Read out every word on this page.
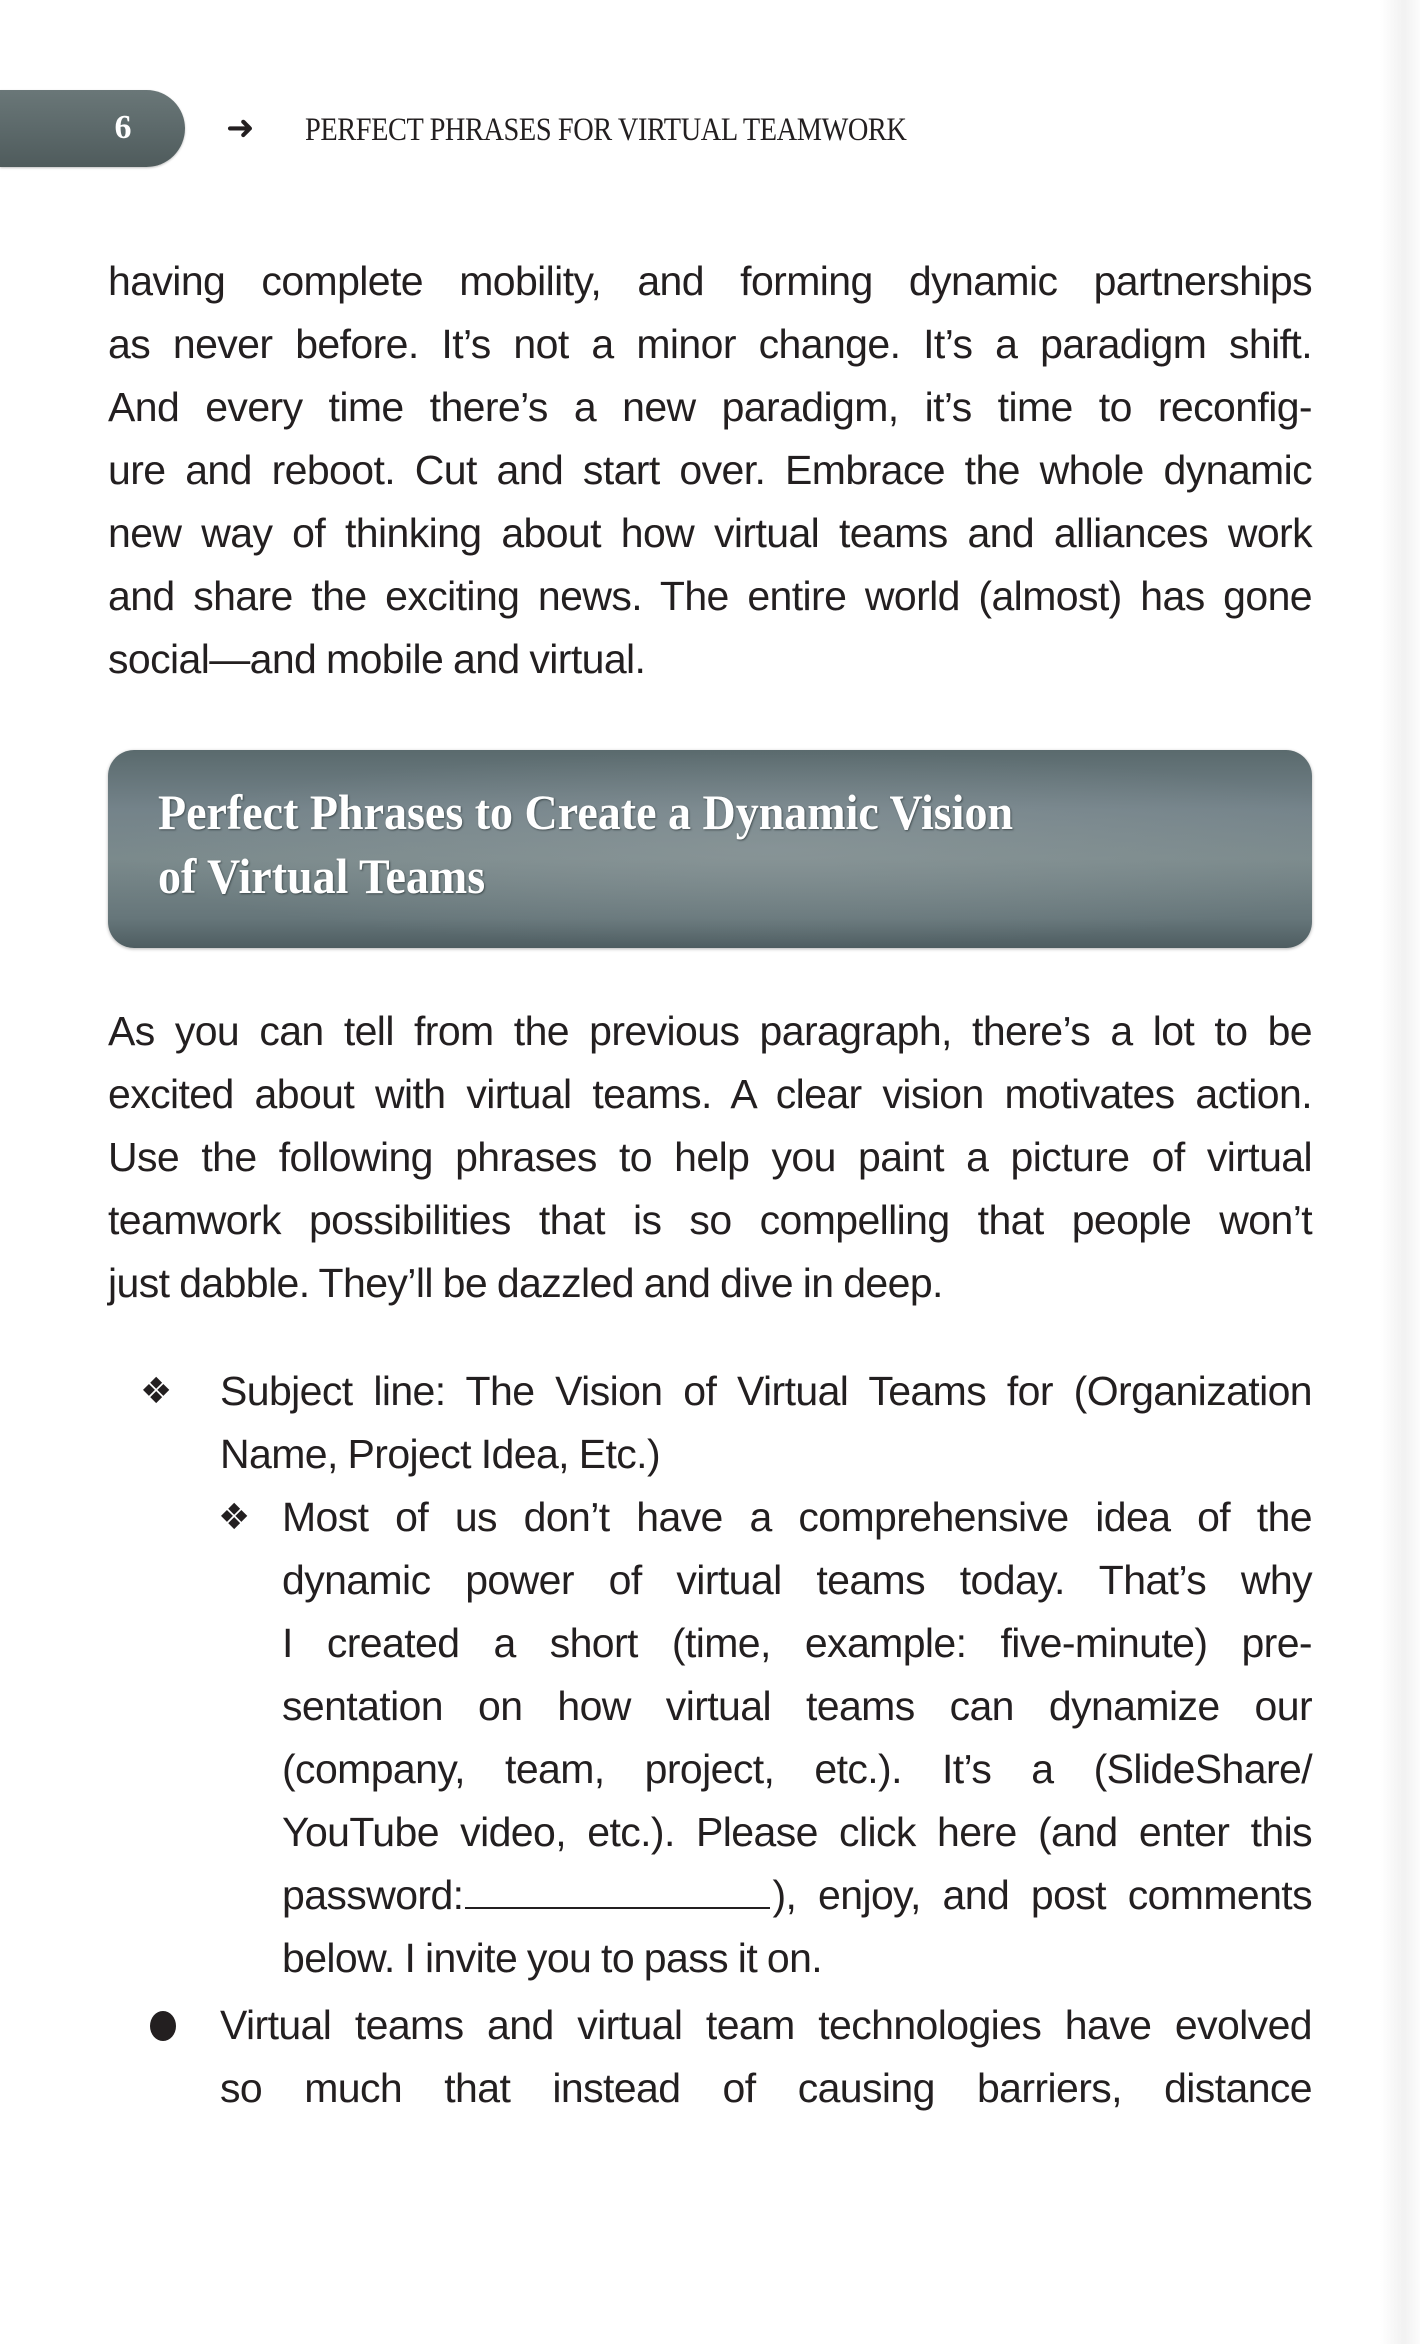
6	➜ PERFECT PHRASES FOR VIRTUAL TEAMWORK
having complete mobility, and forming dynamic partnerships
as never before. It’s not a minor change. It’s a paradigm shift.
And every time there’s a new paradigm, it’s time to reconfig-
ure and reboot. Cut and start over. Embrace the whole dynamic
new way of thinking about how virtual teams and alliances work
and share the exciting news. The entire world (almost) has gone
social—and mobile and virtual.
Perfect Phrases to Create a Dynamic Vision
of Virtual Teams
As you can tell from the previous paragraph, there’s a lot to be
excited about with virtual teams. A clear vision motivates action.
Use the following phrases to help you paint a picture of virtual
teamwork possibilities that is so compelling that people won’t
just dabble. They’ll be dazzled and dive in deep.
❖ Subject line: The Vision of Virtual Teams for (Organization
Name, Project Idea, Etc.)
❖ Most of us don’t have a comprehensive idea of the
dynamic power of virtual teams today. That’s why
I created a short (time, example: five-minute) pre-
sentation on how virtual teams can dynamize our
(company, team, project, etc.). It’s a (SlideShare/
YouTube video, etc.). Please click here (and enter this
password:	), enjoy, and post comments
below. I invite you to pass it on.
Virtual teams and virtual team technologies have evolved
so much that instead of causing barriers, distance
